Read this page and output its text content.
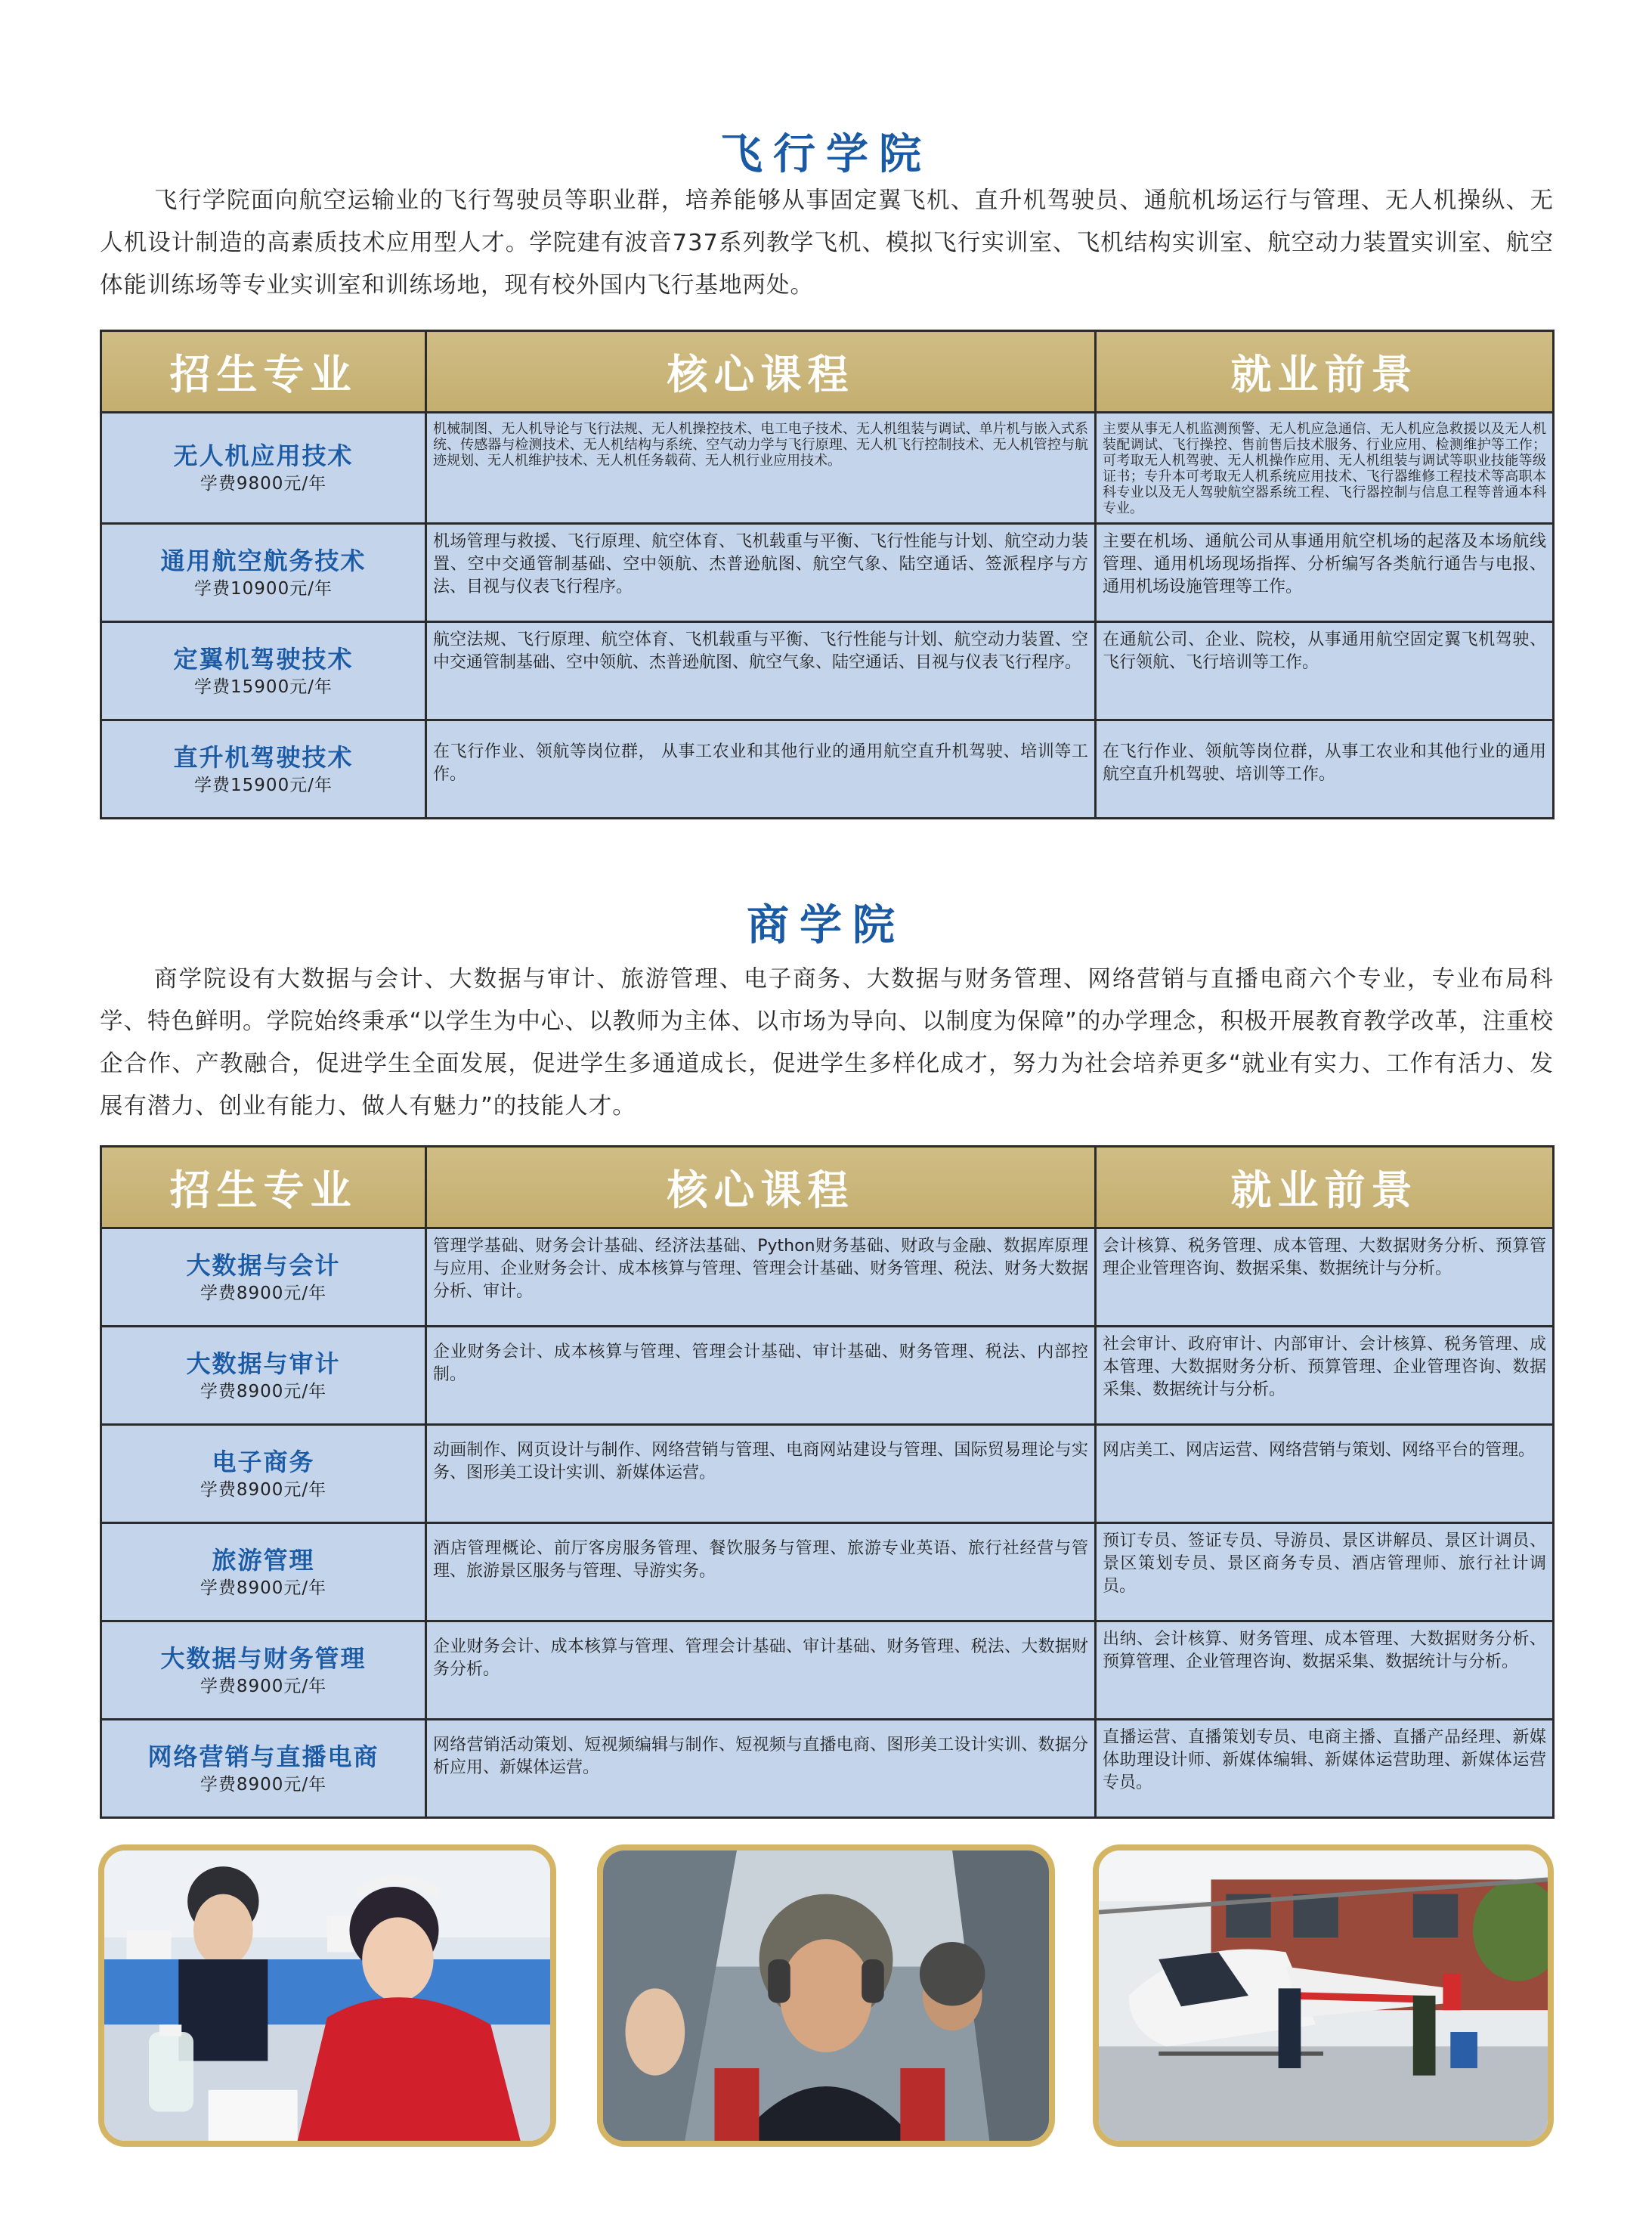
飞行学院

飞行学院面向航空运输业的飞行驾驶员等职业群，培养能够从事固定翼飞机、直升机驾驶员、通航机场运行与管理、无人机操纵、无人机设计制造的高素质技术应用型人才。学院建有波音737系列教学飞机、模拟飞行实训室、飞机结构实训室、航空动力装置实训室、航空体能训练场等专业实训室和训练场地，现有校外国内飞行基地两处。

招生专业	核心课程	就业前景

无人机应用技术
学费9800元/年	机械制图、无人机导论与飞行法规、无人机操控技术、电工电子技术、无人机组装与调试、单片机与嵌入式系统、传感器与检测技术、无人机结构与系统、空气动力学与飞行原理、无人机飞行控制技术、无人机管控与航迹规划、无人机维护技术、无人机任务载荷、无人机行业应用技术。	主要从事无人机监测预警、无人机应急通信、无人机应急救援以及无人机装配调试、飞行操控、售前售后技术服务、行业应用、检测维护等工作；可考取无人机驾驶、无人机操作应用、无人机组装与调试等职业技能等级证书；专升本可考取无人机系统应用技术、飞行器维修工程技术等高职本科专业以及无人驾驶航空器系统工程、飞行器控制与信息工程等普通本科专业。

通用航空航务技术
学费10900元/年	机场管理与救援、飞行原理、航空体育、飞机载重与平衡、飞行性能与计划、航空动力装置、空中交通管制基础、空中领航、杰普逊航图、航空气象、陆空通话、签派程序与方法、目视与仪表飞行程序。	主要在机场、通航公司从事通用航空机场的起落及本场航线管理、通用机场现场指挥、分析编写各类航行通告与电报、通用机场设施管理等工作。

定翼机驾驶技术
学费15900元/年	航空法规、飞行原理、航空体育、飞机载重与平衡、飞行性能与计划、航空动力装置、空中交通管制基础、空中领航、杰普逊航图、航空气象、陆空通话、目视与仪表飞行程序。	在通航公司、企业、院校，从事通用航空固定翼飞机驾驶、飞行领航、飞行培训等工作。

直升机驾驶技术
学费15900元/年	在飞行作业、领航等岗位群， 从事工农业和其他行业的通用航空直升机驾驶、培训等工作。	在飞行作业、领航等岗位群，从事工农业和其他行业的通用航空直升机驾驶、培训等工作。
商学院

商学院设有大数据与会计、大数据与审计、旅游管理、电子商务、大数据与财务管理、网络营销与直播电商六个专业，专业布局科学、特色鲜明。学院始终秉承“以学生为中心、以教师为主体、以市场为导向、以制度为保障”的办学理念，积极开展教育教学改革，注重校企合作、产教融合，促进学生全面发展，促进学生多通道成长，促进学生多样化成才，努力为社会培养更多“就业有实力、工作有活力、发展有潜力、创业有能力、做人有魅力”的技能人才。

招生专业	核心课程	就业前景

大数据与会计
学费8900元/年	管理学基础、财务会计基础、经济法基础、Python财务基础、财政与金融、数据库原理与应用、企业财务会计、成本核算与管理、管理会计基础、财务管理、税法、财务大数据分析、审计。	会计核算、税务管理、成本管理、大数据财务分析、预算管理企业管理咨询、数据采集、数据统计与分析。

大数据与审计
学费8900元/年	企业财务会计、成本核算与管理、管理会计基础、审计基础、财务管理、税法、内部控制。	社会审计、政府审计、内部审计、会计核算、税务管理、成本管理、大数据财务分析、预算管理、企业管理咨询、数据采集、数据统计与分析。

电子商务
学费8900元/年	动画制作、网页设计与制作、网络营销与管理、电商网站建设与管理、国际贸易理论与实务、图形美工设计实训、新媒体运营。	网店美工、网店运营、网络营销与策划、网络平台的管理。

旅游管理
学费8900元/年	酒店管理概论、前厅客房服务管理、餐饮服务与管理、旅游专业英语、旅行社经营与管理、旅游景区服务与管理、导游实务。	预订专员、签证专员、导游员、景区讲解员、景区计调员、景区策划专员、景区商务专员、酒店管理师、旅行社计调员。

大数据与财务管理
学费8900元/年	企业财务会计、成本核算与管理、管理会计基础、审计基础、财务管理、税法、大数据财务分析。	出纳、会计核算、财务管理、成本管理、大数据财务分析、预算管理、企业管理咨询、数据采集、数据统计与分析。

网络营销与直播电商
学费8900元/年	网络营销活动策划、短视频编辑与制作、短视频与直播电商、图形美工设计实训、数据分析应用、新媒体运营。	直播运营、直播策划专员、电商主播、直播产品经理、新媒体助理设计师、新媒体编辑、新媒体运营助理、新媒体运营专员。
